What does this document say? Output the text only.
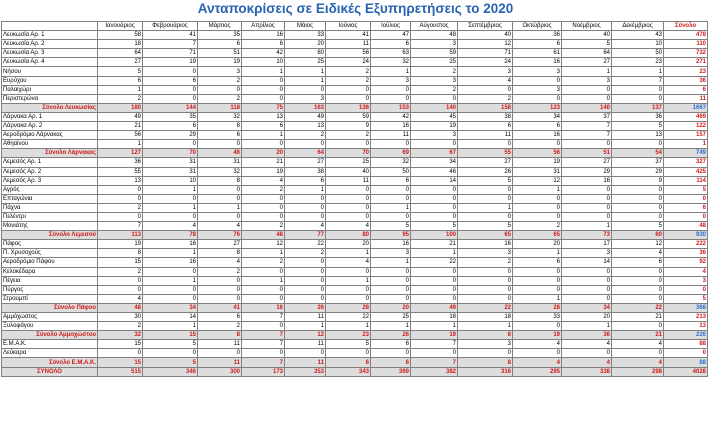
Ανταποκρίσεις σε Ειδικές Εξυπηρετήσεις το 2020
	Ιανουάριος	Φεβρουάριος	Μάρτιος	Απρίλιος	Μάιος	Ιούνιος	Ιούλιος	Αύγουστος	Σεπτέμβριος	Οκτώβριος	Νοέμβριος	Δεκέμβριος	Σύνολο
Λευκωσία Αρ. 1	58	41	35	16	33	41	47	48	40	36	40	43	478
Λευκωσία Αρ. 2	18	7	6	6	20	11	6	3	12	6	5	10	110
Λευκωσία Αρ. 3	64	71	51	42	80	56	63	59	71	61	64	50	732
Λευκωσία Αρ. 4	27	19	19	10	25	24	32	25	24	16	27	23	271
Νήσου	5	0	3	1	1	2	1	2	3	3	1	1	23
Ευρύχου	6	6	2	0	1	2	3	3	4	0	3	7	36
Παλαιχώρι	1	0	0	0	0	0	0	2	0	3	0	0	6
Περιστερώνα	2	0	2	0	3	0	0	0	2	0	0	0	11
Σύνολο Λευκωσίας	180	144	118	75	163	136	153	140	158	123	140	137	1667
Λάρνακα Αρ. 1	49	35	32	13	49	59	42	45	38	34	37	36	469
Λάρνακα Αρ. 2	21	6	8	6	13	9	16	19	6	6	7	5	122
Αεροδρόμιο Λάρνακας	56	29	6	1	2	2	11	3	11	16	7	13	157
Αθηαίνου	1	0	0	0	0	0	0	0	0	0	0	0	1
Σύνολο Λάρνακας	127	70	46	20	64	70	69	67	55	56	51	54	749
Λεμεσός Αρ. 1	36	31	31	21	27	25	32	34	27	19	27	37	327
Λεμεσός Αρ. 2	55	31	32	19	38	40	50	46	26	31	29	29	425
Λεμεσός Αρ. 3	13	10	8	4	6	11	6	14	5	12	16	9	114
Αγρός	0	1	0	2	1	0	0	0	0	1	0	0	5
Επταγώνια	0	0	0	0	0	0	0	0	0	0	0	0	0
Πάχνα	2	1	1	0	0	0	1	0	1	0	0	0	6
Πελέντρι	0	0	0	0	0	0	0	0	0	0	0	0	0
Μονιάτης	7	4	4	2	4	4	5	5	5	2	1	5	48
Σύνολο Λεμεσού	113	78	76	48	77	80	95	100	65	65	73	60	930
Πάφος	19	16	27	12	22	20	16	21	16	20	17	12	222
Π. Χρυσοχούς	8	1	8	1	2	1	3	1	3	1	3	4	36
Αεροδρόμιο Πάφου	15	16	4	2	0	4	1	22	2	6	14	6	92
Κελοκέδαρα	2	0	2	0	0	0	0	0	0	0	0	0	4
Πέγεια	0	1	0	1	0	1	0	0	0	0	0	0	3
Πύργος	0	0	0	0	0	0	0	0	0	0	0	0	0
Στρουμπί	4	0	0	0	0	0	0	0	0	1	0	0	5
Σύνολο Πάφου	48	34	41	16	26	28	20	49	22	28	34	22	368
Αμμόχωστος	30	14	6	7	11	22	25	18	18	33	20	21	213
Ξυλοφάγου	2	1	2	0	1	1	1	1	1	0	1	0	13
Σύνολο Αμμοχώστου	32	15	8	7	12	23	26	19	8	19	36	21	226
Ε.Μ.Α.Κ.	15	5	11	7	11	5	6	7	3	4	4	4	88
Λεύκαρα	0	0	0	0	0	0	0	0	0	0	0	0	0
Σύνολο Ε.Μ.Α.Κ.	15	5	11	7	11	6	6	7	8	4	4	4	88
ΣΥΝΟΛΟ	515	346	300	173	353	343	369	382	316	295	338	298	4028
